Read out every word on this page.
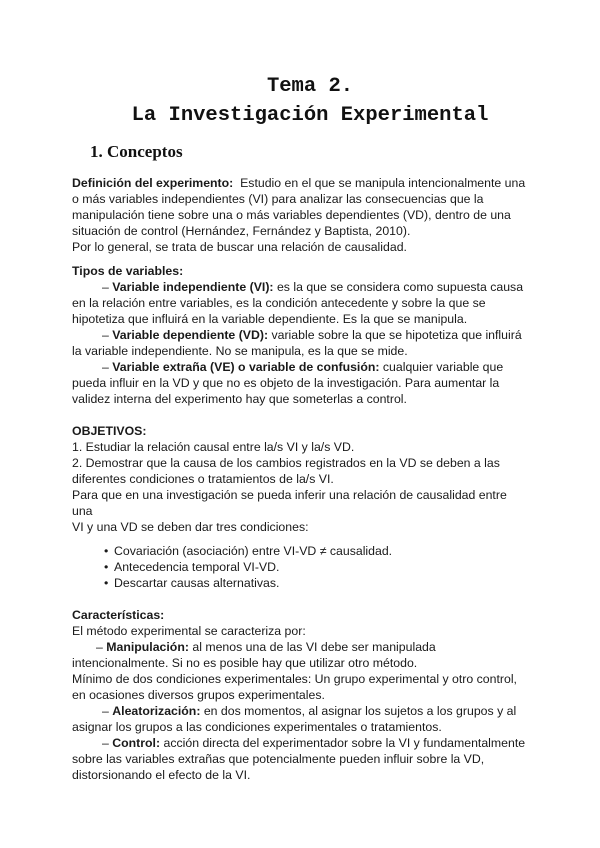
Tema 2.
La Investigación Experimental
1. Conceptos

Definición del experimento:  Estudio en el que se manipula intencionalmente una

o más variables independientes (VI) para analizar las consecuencias que la

manipulación tiene sobre una o más variables dependientes (VD), dentro de una

situación de control (Hernández, Fernández y Baptista, 2010).

Por lo general, se trata de buscar una relación de causalidad.

Tipos de variables:

– Variable independiente (VI): es la que se considera como supuesta causa

en la relación entre variables, es la condición antecedente y sobre la que se

hipotetiza que influirá en la variable dependiente. Es la que se manipula.

– Variable dependiente (VD): variable sobre la que se hipotetiza que influirá

la variable independiente. No se manipula, es la que se mide.

– Variable extraña (VE) o variable de confusión: cualquier variable que

pueda influir en la VD y que no es objeto de la investigación. Para aumentar la

validez interna del experimento hay que someterlas a control.

OBJETIVOS:

1. Estudiar la relación causal entre la/s VI y la/s VD.

2. Demostrar que la causa de los cambios registrados en la VD se deben a las

diferentes condiciones o tratamientos de la/s VI.

Para que en una investigación se pueda inferir una relación de causalidad entre una

VI y una VD se deben dar tres condiciones:

• Covariación (asociación) entre VI-VD ≠ causalidad.
• Antecedencia temporal VI-VD.
• Descartar causas alternativas.

Características:

El método experimental se caracteriza por:

– Manipulación: al menos una de las VI debe ser manipulada

intencionalmente. Si no es posible hay que utilizar otro método.

Mínimo de dos condiciones experimentales: Un grupo experimental y otro control,

en ocasiones diversos grupos experimentales.

– Aleatorización: en dos momentos, al asignar los sujetos a los grupos y al

asignar los grupos a las condiciones experimentales o tratamientos.

– Control: acción directa del experimentador sobre la VI y fundamentalmente

sobre las variables extrañas que potencialmente pueden influir sobre la VD,

distorsionando el efecto de la VI.
